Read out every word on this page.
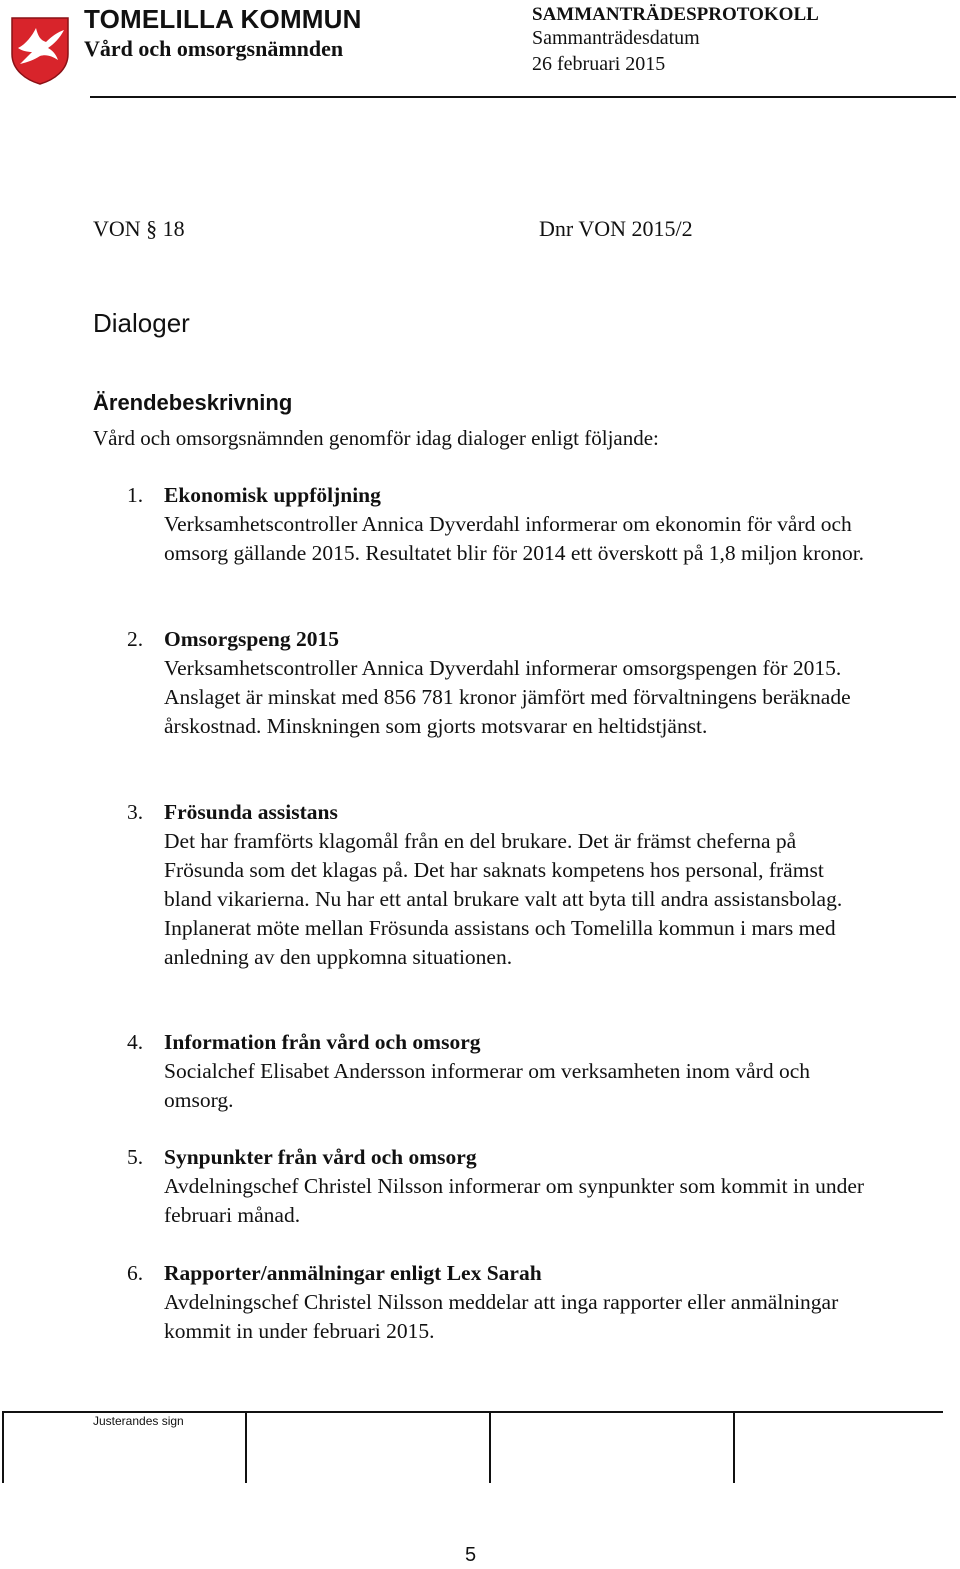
TOMELILLA KOMMUN
Vård och omsorgsnämnden
SAMMANTRÄDESPROTOKOLL
Sammanträdesdatum
26 februari 2015
VON § 18	Dnr VON 2015/2
Dialoger
Ärendebeskrivning
Vård och omsorgsnämnden genomför idag dialoger enligt följande:
1. Ekonomisk uppföljning
Verksamhetscontroller Annica Dyverdahl informerar om ekonomin för vård och omsorg gällande 2015. Resultatet blir för 2014 ett överskott på 1,8 miljon kronor.
2. Omsorgspeng 2015
Verksamhetscontroller Annica Dyverdahl informerar omsorgspengen för 2015. Anslaget är minskat med 856 781 kronor jämfört med förvaltningens beräknade årskostnad. Minskningen som gjorts motsvarar en heltidstjänst.
3. Frösunda assistans
Det har framförts klagomål från en del brukare. Det är främst cheferna på Frösunda som det klagas på. Det har saknats kompetens hos personal, främst bland vikarierna. Nu har ett antal brukare valt att byta till andra assistansbolag. Inplanerat möte mellan Frösunda assistans och Tomelilla kommun i mars med anledning av den uppkomna situationen.
4. Information från vård och omsorg
Socialchef Elisabet Andersson informerar om verksamheten inom vård och omsorg.
5. Synpunkter från vård och omsorg
Avdelningschef Christel Nilsson informerar om synpunkter som kommit in under februari månad.
6. Rapporter/anmälningar enligt Lex Sarah
Avdelningschef Christel Nilsson meddelar att inga rapporter eller anmälningar kommit in under februari 2015.
Justerandes sign
5
